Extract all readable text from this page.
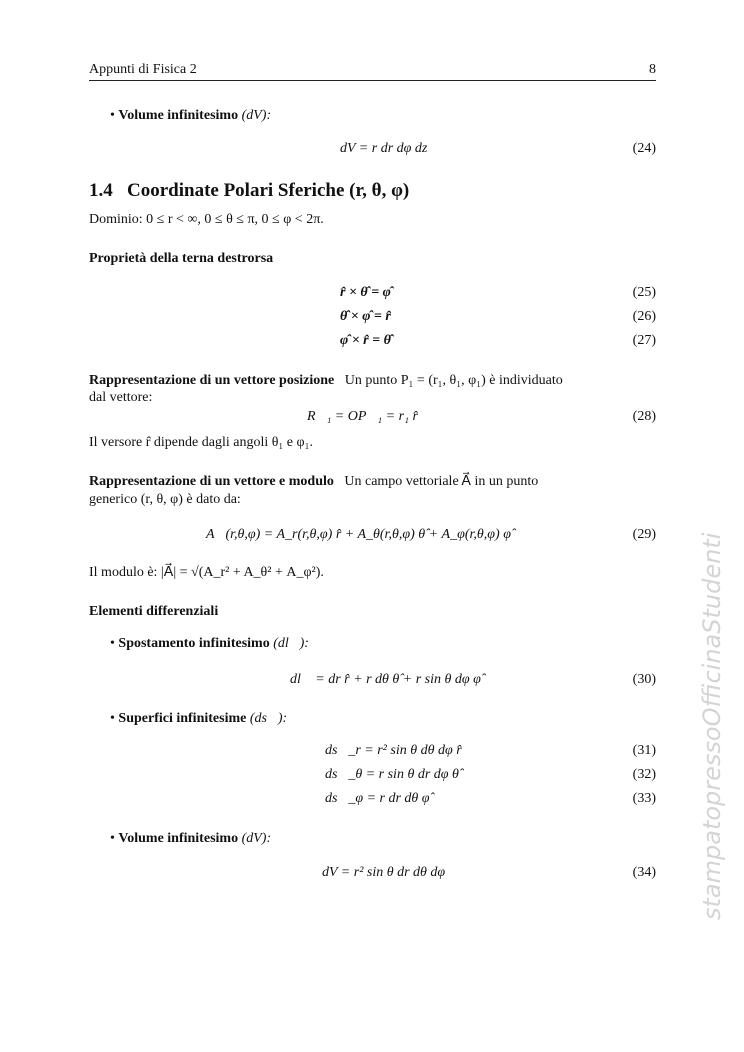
Appunti di Fisica 2	8
• Volume infinitesimo (dV):
dV = r dr dφ dz	(24)
1.4 Coordinate Polari Sferiche (r, θ, φ)
Dominio: 0 ≤ r < ∞, 0 ≤ θ ≤ π, 0 ≤ φ < 2π.
Proprietà della terna destrorsa
r̂ × θ̂ = φ̂	(25)
θ̂ × φ̂ = r̂	(26)
φ̂ × r̂ = θ̂	(27)
Rappresentazione di un vettore posizione Un punto P₁ = (r₁, θ₁, φ₁) è individuato
dal vettore:
R⃗₁ = OP⃗₁ = r₁ r̂	(28)
Il versore r̂ dipende dagli angoli θ₁ e φ₁.
Rappresentazione di un vettore e modulo Un campo vettoriale A⃗ in un punto
generico (r, θ, φ) è dato da:
A⃗(r,θ,φ) = A_r(r,θ,φ) r̂ + A_θ(r,θ,φ) θ̂ + A_φ(r,θ,φ) φ̂	(29)
Il modulo è: |A⃗| = √(A_r² + A_θ² + A_φ²).
Elementi differenziali
• Spostamento infinitesimo (dl⃗):
dl⃗ = dr r̂ + r dθ θ̂ + r sin θ dφ φ̂	(30)
• Superfici infinitesime (ds⃗):
ds⃗_r = r² sin θ dθ dφ r̂	(31)
ds⃗_θ = r sin θ dr dφ θ̂	(32)
ds⃗_φ = r dr dθ φ̂	(33)
• Volume infinitesimo (dV):
dV = r² sin θ dr dθ dφ	(34) stampatopressoOfficinaStudenti
